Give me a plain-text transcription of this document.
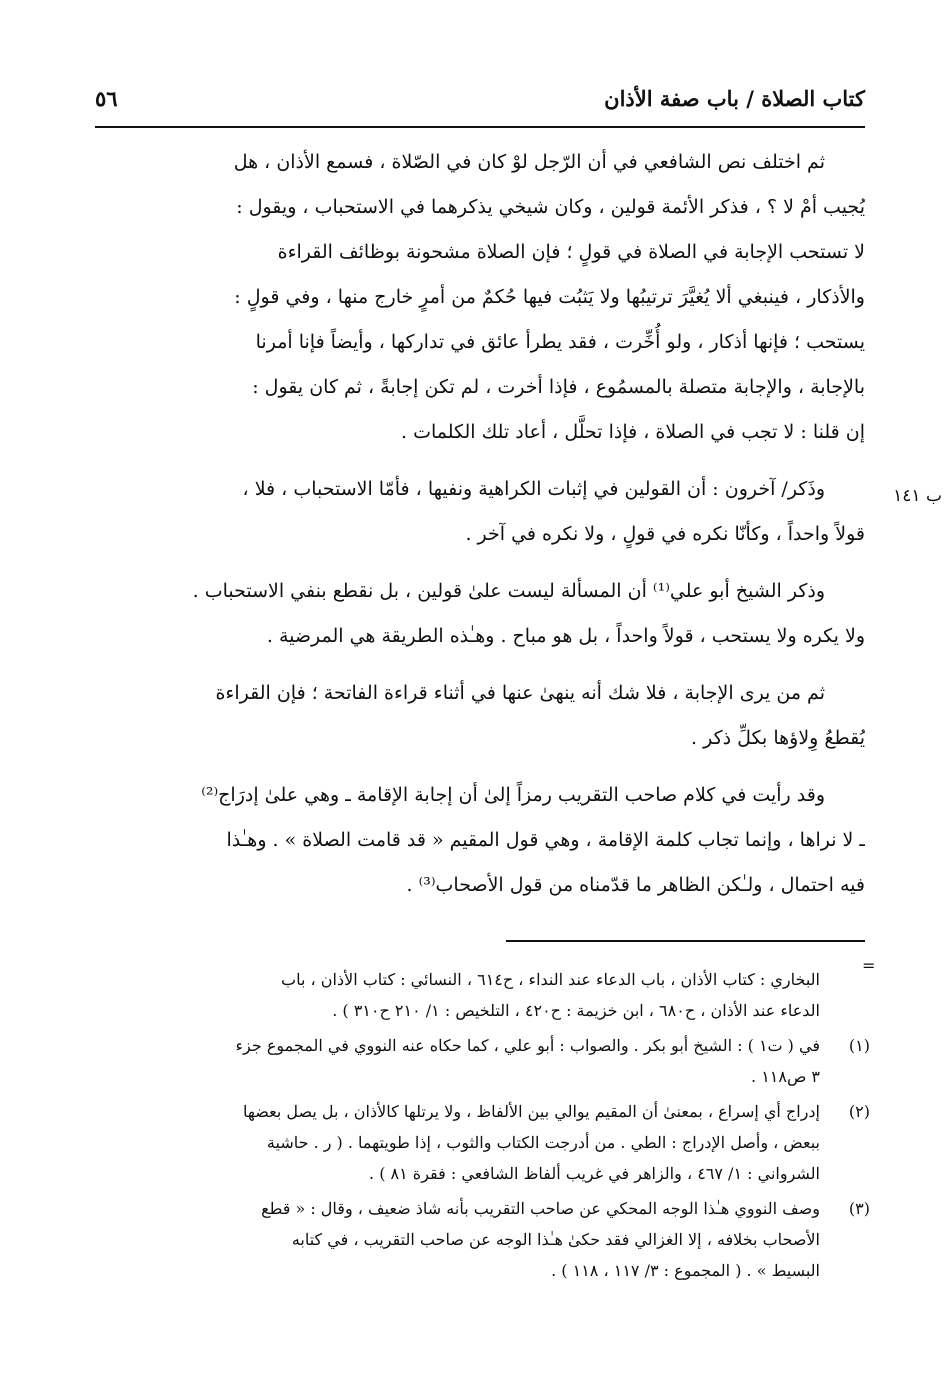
كتاب الصلاة / باب صفة الأذان
٥٦
ب ١٤١
ثم اختلف نص الشافعي في أن الرّجل لوْ كان في الصّلاة ، فسمع الأذان ، هل
يُجيب أمْ لا ؟ ، فذكر الأئمة قولين ، وكان شيخي يذكرهما في الاستحباب ، ويقول :
لا تستحب الإجابة في الصلاة في قولٍ ؛ فإن الصلاة مشحونة بوظائف القراءة
والأذكار ، فينبغي ألا يُغيَّرَ ترتيبُها ولا يَثبُت فيها حُكمٌ من أمرٍ خارج منها ، وفي قولٍ :
يستحب ؛ فإنها أذكار ، ولو أُخِّرت ، فقد يطرأ عائق في تداركها ، وأيضاً فإنا أمرنا
بالإجابة ، والإجابة متصلة بالمسمُوع ، فإذا أخرت ، لم تكن إجابةً ، ثم كان يقول :
إن قلنا : لا تجب في الصلاة ، فإذا تحلَّل ، أعاد تلك الكلمات .
وذَكر/ آخرون : أن القولين في إثبات الكراهية ونفيها ، فأمّا الاستحباب ، فلا ،
قولاً واحداً ، وكأنّا نكره في قولٍ ، ولا نكره في آخر .
وذكر الشيخ أبو علي⁽¹⁾ أن المسألة ليست علىٰ قولين ، بل نقطع بنفي الاستحباب .
ولا يكره ولا يستحب ، قولاً واحداً ، بل هو مباح . وهـٰذه الطريقة هي المرضية .
ثم من يرى الإجابة ، فلا شك أنه ينهىٰ عنها في أثناء قراءة الفاتحة ؛ فإن القراءة
يُقطعُ وِلاؤها بكلِّ ذكر .
وقد رأيت في كلام صاحب التقريب رمزاً إلىٰ أن إجابة الإقامة ـ وهي علىٰ إدرَاج⁽²⁾
ـ لا نراها ، وإنما تجاب كلمة الإقامة ، وهي قول المقيم « قد قامت الصلاة » . وهـٰذا
فيه احتمال ، ولـٰكن الظاهر ما قدّمناه من قول الأصحاب⁽³⁾ .
=
البخاري : كتاب الأذان ، باب الدعاء عند النداء ، ح٦١٤ ، النسائي : كتاب الأذان ، باب
الدعاء عند الأذان ، ح٦٨٠ ، ابن خزيمة : ح٤٢٠ ، التلخيص : ١/ ٢١٠ ح٣١٠ ) .
(١)
في ( ت١ ) : الشيخ أبو بكر . والصواب : أبو علي ، كما حكاه عنه النووي في المجموع جزء
٣ ص١١٨ .
(٢)
إدراج أي إسراع ، بمعنىٰ أن المقيم يوالي بين الألفاظ ، ولا يرتلها كالأذان ، بل يصل بعضها
ببعض ، وأصل الإدراج : الطي . من أدرجت الكتاب والثوب ، إذا طويتهما . ( ر . حاشية
الشرواني : ١/ ٤٦٧ ، والزاهر في غريب ألفاظ الشافعي : فقرة ٨١ ) .
(٣)
وصف النووي هـٰذا الوجه المحكي عن صاحب التقريب بأنه شاذ ضعيف ، وقال : « قطع
الأصحاب بخلافه ، إلا الغزالي فقد حكىٰ هـٰذا الوجه عن صاحب التقريب ، في كتابه
البسيط » . ( المجموع : ٣/ ١١٧ ، ١١٨ ) .
